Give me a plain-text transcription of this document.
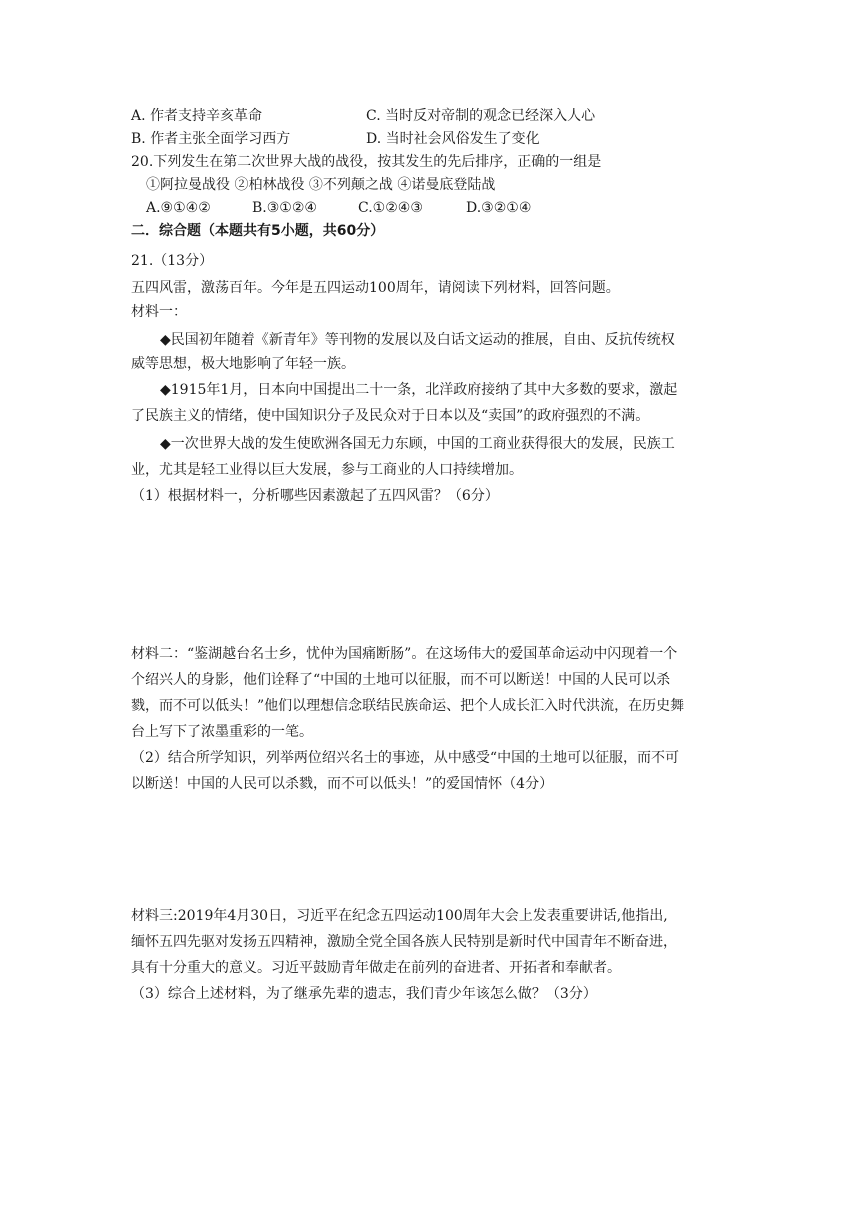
A. 作者支持辛亥革命	C. 当时反对帝制的观念已经深入人心
B. 作者主张全面学习西方	D. 当时社会风俗发生了变化
20.下列发生在第二次世界大战的战役，按其发生的先后排序，正确的一组是
①阿拉曼战役 ②柏林战役 ③不列颠之战 ④诺曼底登陆战
A.⑨①④②	B.③①②④	C.①②④③	D.③②①④
二．综合题（本题共有5小题，共60分）
21.（13分）
五四风雷，激荡百年。今年是五四运动100周年，请阅读下列材料，回答问题。
材料一：
◆民国初年随着《新青年》等刊物的发展以及白话文运动的推展，自由、反抗传统权
威等思想，极大地影响了年轻一族。
◆1915年1月，日本向中国提出二十一条，北洋政府接纳了其中大多数的要求，激起
了民族主义的情绪，使中国知识分子及民众对于日本以及“卖国”的政府强烈的不满。
◆一次世界大战的发生使欧洲各国无力东顾，中国的工商业获得很大的发展，民族工
业，尤其是轻工业得以巨大发展，参与工商业的人口持续增加。
（1）根据材料一，分析哪些因素激起了五四风雷？（6分）
材料二：“鉴湖越台名士乡，忧仲为国痛断肠”。在这场伟大的爱国革命运动中闪现着一个
个绍兴人的身影，他们诠释了“中国的土地可以征服，而不可以断送！中国的人民可以杀
戮，而不可以低头！”他们以理想信念联结民族命运、把个人成长汇入时代洪流，在历史舞
台上写下了浓墨重彩的一笔。
（2）结合所学知识，列举两位绍兴名士的事迹，从中感受“中国的土地可以征服，而不可
以断送！中国的人民可以杀戮，而不可以低头！”的爱国情怀（4分）
材料三:2019年4月30日，习近平在纪念五四运动100周年大会上发表重要讲话,他指出,
缅怀五四先驱对发扬五四精神，激励全党全国各族人民特别是新时代中国青年不断奋进，
具有十分重大的意义。习近平鼓励青年做走在前列的奋进者、开拓者和奉献者。
（3）综合上述材料，为了继承先辈的遗志，我们青少年该怎么做？（3分）
